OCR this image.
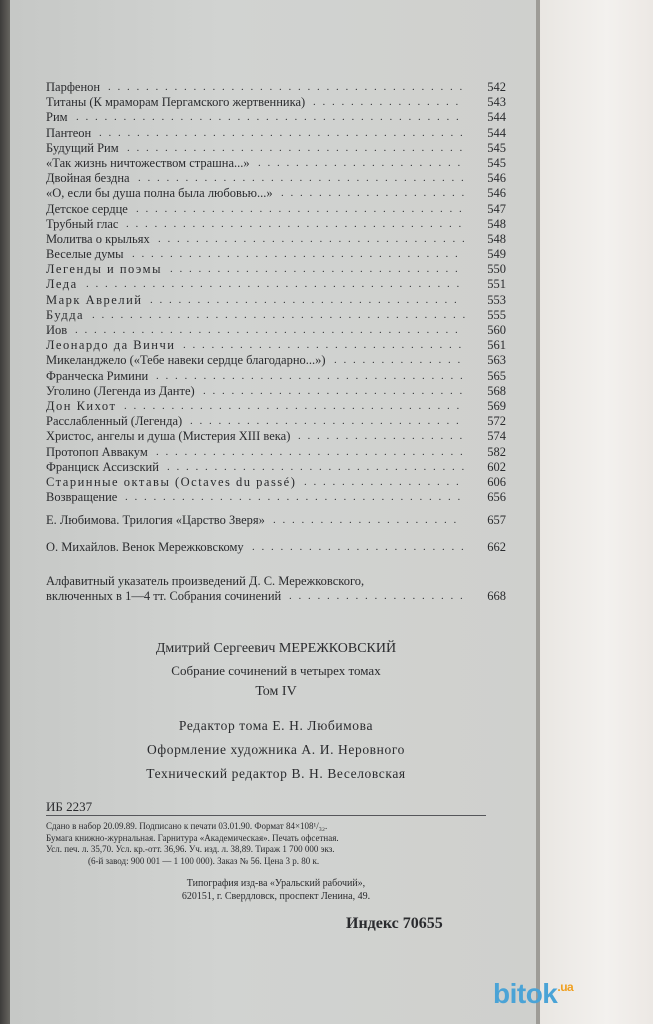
Парфенон . . . . . . . . . . . . . . . . . . . . . . . . . . . . . . . . . . . . . . 542
Титаны (К мраморам Пергамского жертвенника) . . . . . . . . . . . . . . . . 543
Рим . . . . . . . . . . . . . . . . . . . . . . . . . . . . . . . . . . . . . . . . . 544
Пантеон . . . . . . . . . . . . . . . . . . . . . . . . . . . . . . . . . . . . . . . 544
Будущий Рим . . . . . . . . . . . . . . . . . . . . . . . . . . . . . . . . . . . . 545
«Так жизнь ничтожеством страшна...» . . . . . . . . . . . . . . . . . . . . . . 545
Двойная бездна . . . . . . . . . . . . . . . . . . . . . . . . . . . . . . . . . . . 546
«О, если бы душа полна была любовью...» . . . . . . . . . . . . . . . . . . . . 546
Детское сердце . . . . . . . . . . . . . . . . . . . . . . . . . . . . . . . . . . . 547
Трубный глас . . . . . . . . . . . . . . . . . . . . . . . . . . . . . . . . . . . . 548
Молитва о крыльях . . . . . . . . . . . . . . . . . . . . . . . . . . . . . . . . . 548
Веселые думы . . . . . . . . . . . . . . . . . . . . . . . . . . . . . . . . . . . 549
Легенды и поэмы . . . . . . . . . . . . . . . . . . . . . . . . . . . . . . . 550
Леда . . . . . . . . . . . . . . . . . . . . . . . . . . . . . . . . . . . . . . . . 551
Марк Аврелий . . . . . . . . . . . . . . . . . . . . . . . . . . . . . . . . . 553
Будда . . . . . . . . . . . . . . . . . . . . . . . . . . . . . . . . . . . . . . . . 555
Иов . . . . . . . . . . . . . . . . . . . . . . . . . . . . . . . . . . . . . . . . . 560
Леонардо да Винчи . . . . . . . . . . . . . . . . . . . . . . . . . . . . . . 561
Микеланджело («Тебе навеки сердце благодарно...») . . . . . . . . . . . . . . 563
Франческа Римини . . . . . . . . . . . . . . . . . . . . . . . . . . . . . . . . . 565
Уголино (Легенда из Данте) . . . . . . . . . . . . . . . . . . . . . . . . . . . . 568
Дон Кихот . . . . . . . . . . . . . . . . . . . . . . . . . . . . . . . . . . . . 569
Расслабленный (Легенда) . . . . . . . . . . . . . . . . . . . . . . . . . . . . . 572
Христос, ангелы и душа (Мистерия XIII века) . . . . . . . . . . . . . . . . . . 574
Протопоп Аввакум . . . . . . . . . . . . . . . . . . . . . . . . . . . . . . . . . 582
Франциск Ассизский . . . . . . . . . . . . . . . . . . . . . . . . . . . . . . . . 602
Старинные октавы (Octaves du passé) . . . . . . . . . . . . . . . . . 606
Возвращение . . . . . . . . . . . . . . . . . . . . . . . . . . . . . . . . . . . . 656
Е. Любимова. Трилогия «Царство Зверя» . . . . . . . . . . . . . . . . . . . . 657
О. Михайлов. Венок Мережковскому . . . . . . . . . . . . . . . . . . . . . . . 662
Алфавитный указатель произведений Д. С. Мережковского,
включенных в 1—4 тт. Собрания сочинений . . . . . . . . . . . . . . . . . . . 668
Дмитрий Сергеевич МЕРЕЖКОВСКИЙ
Собрание сочинений в четырех томах
Том IV
Редактор тома Е. Н. Любимова
Оформление художника А. И. Неровного
Технический редактор В. Н. Веселовская
ИБ 2237
Сдано в набор 20.09.89. Подписано к печати 03.01.90. Формат 84×108¹/₃₂.
Бумага книжно-журнальная. Гарнитура «Академическая». Печать офсетная.
Усл. печ. л. 35,70. Усл. кр.-отт. 36,96. Уч. изд. л. 38,89. Тираж 1 700 000 экз.
(6-й завод: 900 001 — 1 100 000). Заказ № 56. Цена 3 р. 80 к.
Типография изд-ва «Уральский рабочий»,
620151, г. Свердловск, проспект Ленина, 49.
Индекс 70655
bitok$^{.ua}$
